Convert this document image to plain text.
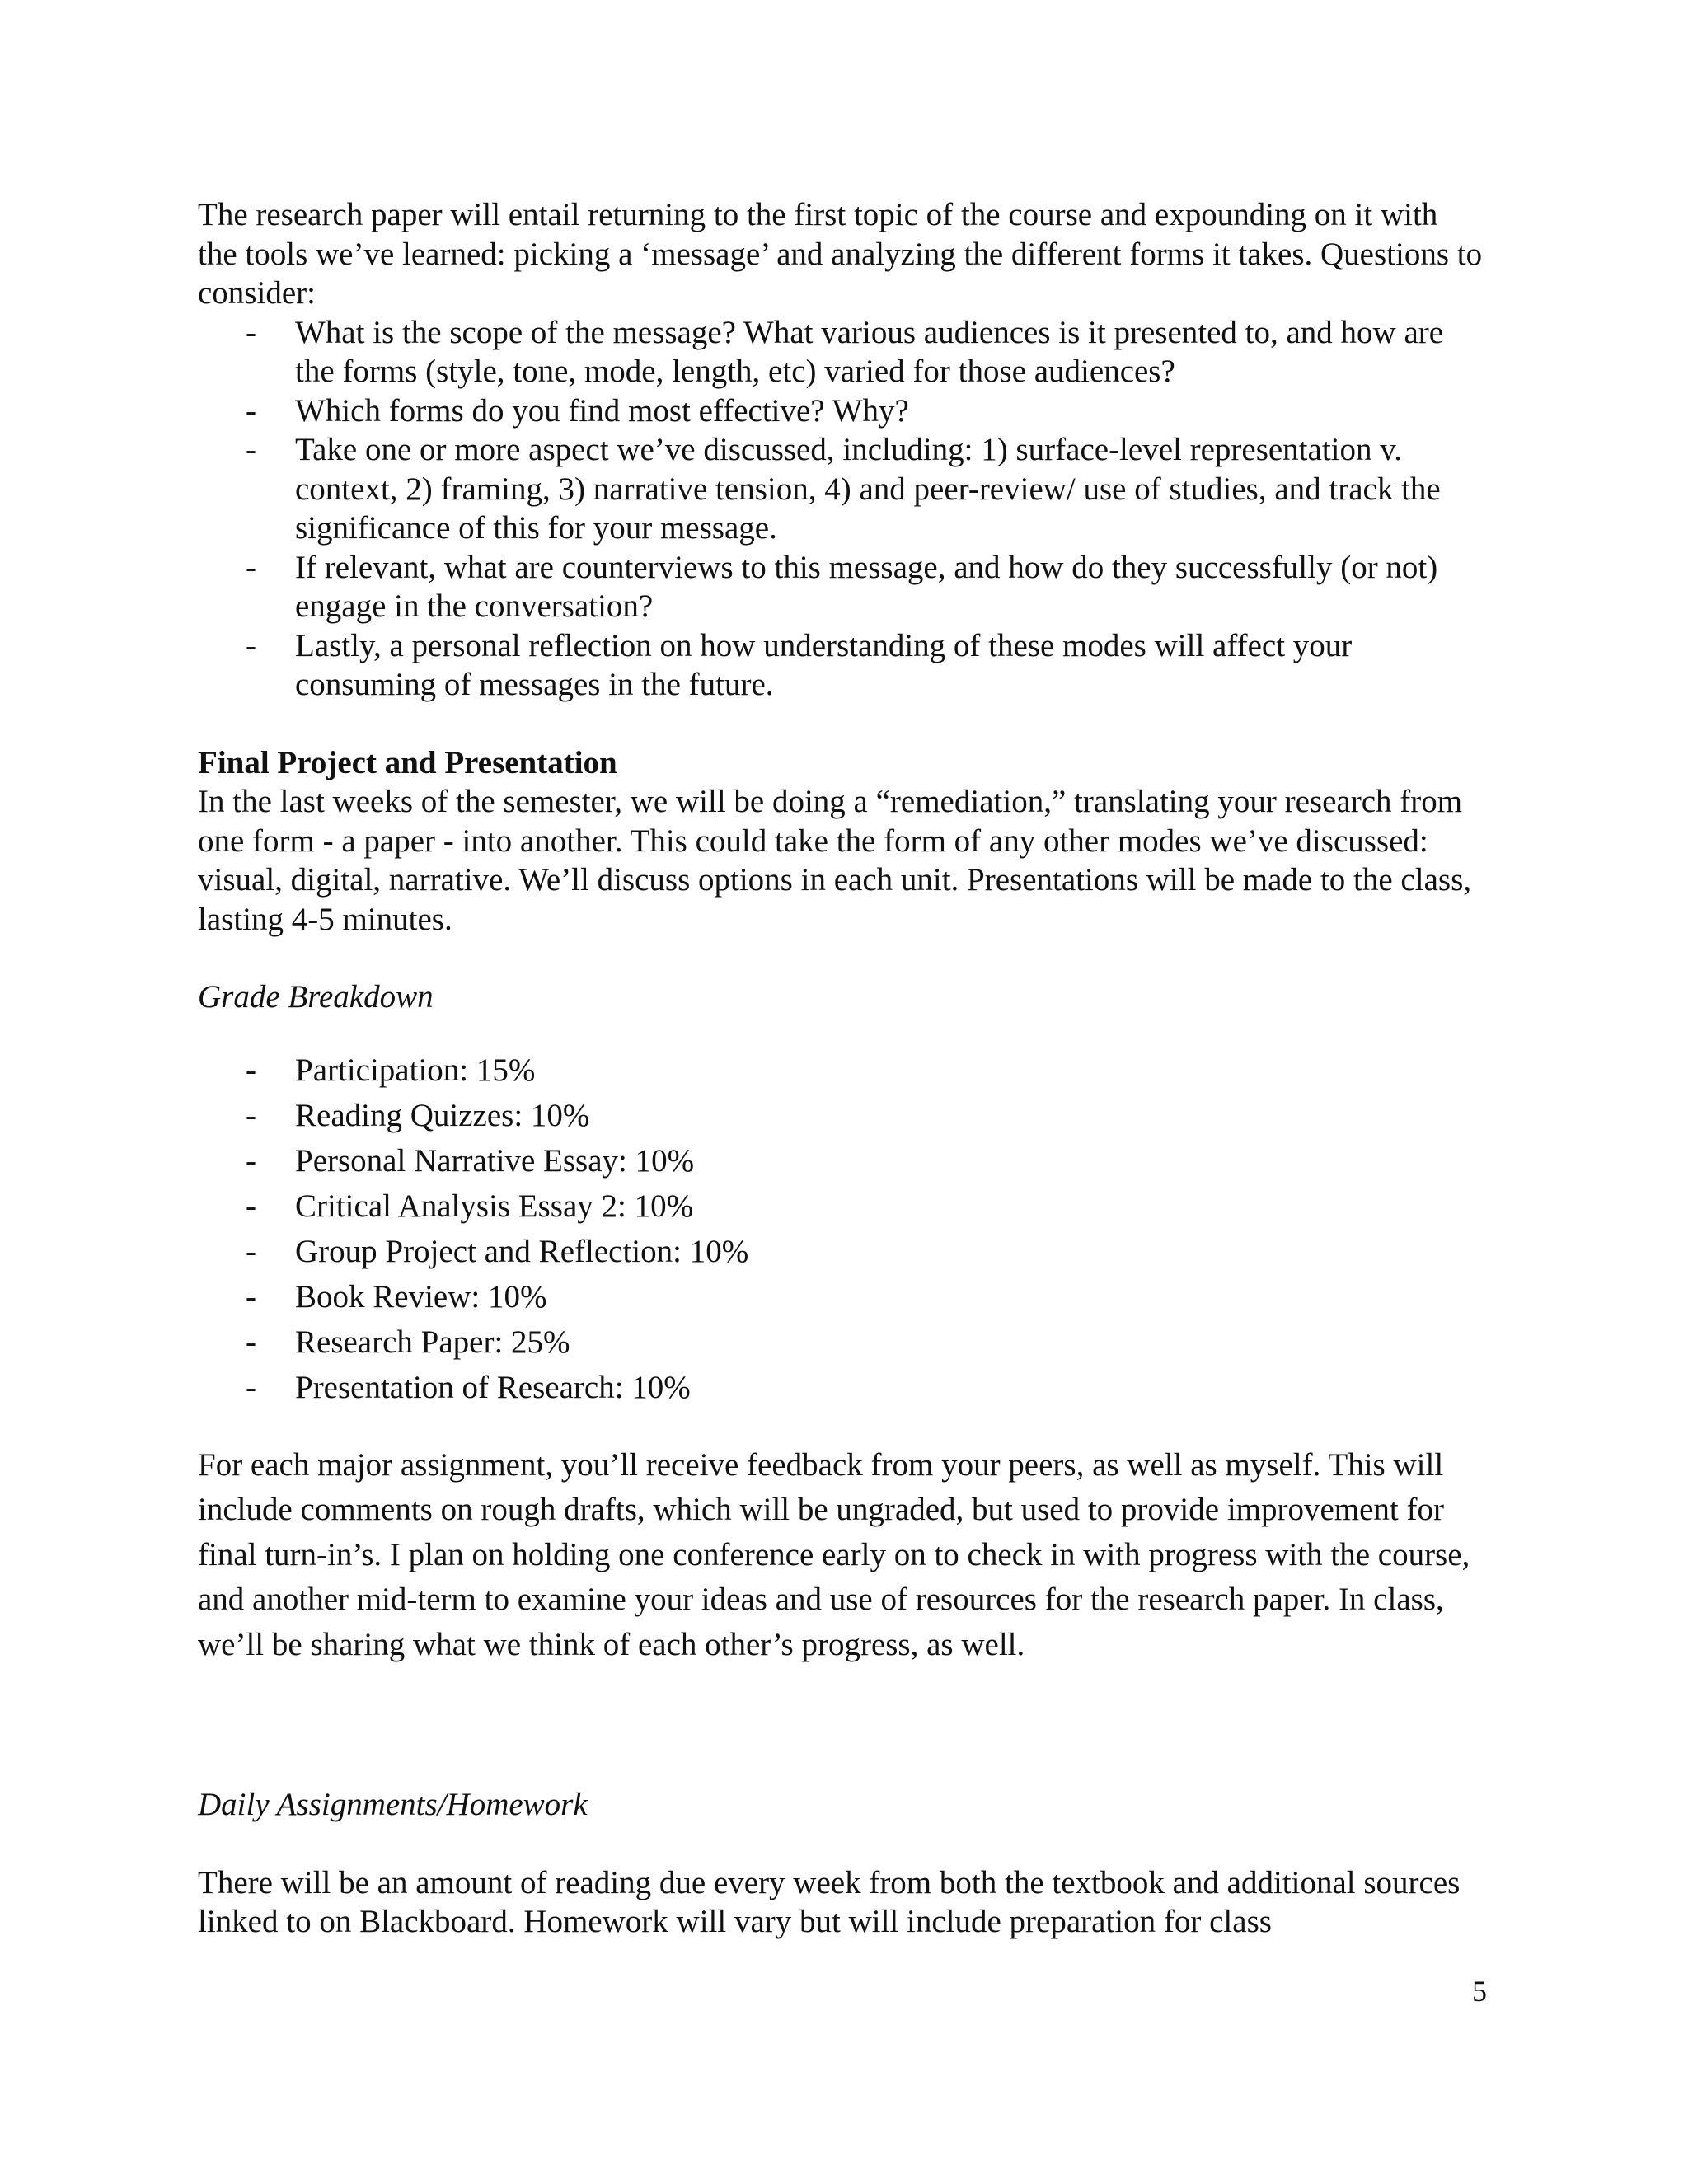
The research paper will entail returning to the first topic of the course and expounding on it with the tools we’ve learned: picking a ‘message’ and analyzing the different forms it takes. Questions to consider:

- What is the scope of the message? What various audiences is it presented to, and how are the forms (style, tone, mode, length, etc) varied for those audiences?
- Which forms do you find most effective? Why?
- Take one or more aspect we’ve discussed, including: 1) surface-level representation v. context, 2) framing, 3) narrative tension, 4) and peer-review/ use of studies, and track the significance of this for your message.
- If relevant, what are counterviews to this message, and how do they successfully (or not) engage in the conversation?
- Lastly, a personal reflection on how understanding of these modes will affect your consuming of messages in the future.

Final Project and Presentation

In the last weeks of the semester, we will be doing a “remediation,” translating your research from one form - a paper - into another. This could take the form of any other modes we’ve discussed: visual, digital, narrative. We’ll discuss options in each unit. Presentations will be made to the class, lasting 4-5 minutes.

Grade Breakdown

- Participation: 15%
- Reading Quizzes: 10%
- Personal Narrative Essay: 10%
- Critical Analysis Essay 2: 10%
- Group Project and Reflection: 10%
- Book Review: 10%
- Research Paper: 25%
- Presentation of Research: 10%

For each major assignment, you’ll receive feedback from your peers, as well as myself. This will include comments on rough drafts, which will be ungraded, but used to provide improvement for final turn-in’s. I plan on holding one conference early on to check in with progress with the course, and another mid-term to examine your ideas and use of resources for the research paper. In class, we’ll be sharing what we think of each other’s progress, as well.

Daily Assignments/Homework

There will be an amount of reading due every week from both the textbook and additional sources linked to on Blackboard. Homework will vary but will include preparation for class

5
